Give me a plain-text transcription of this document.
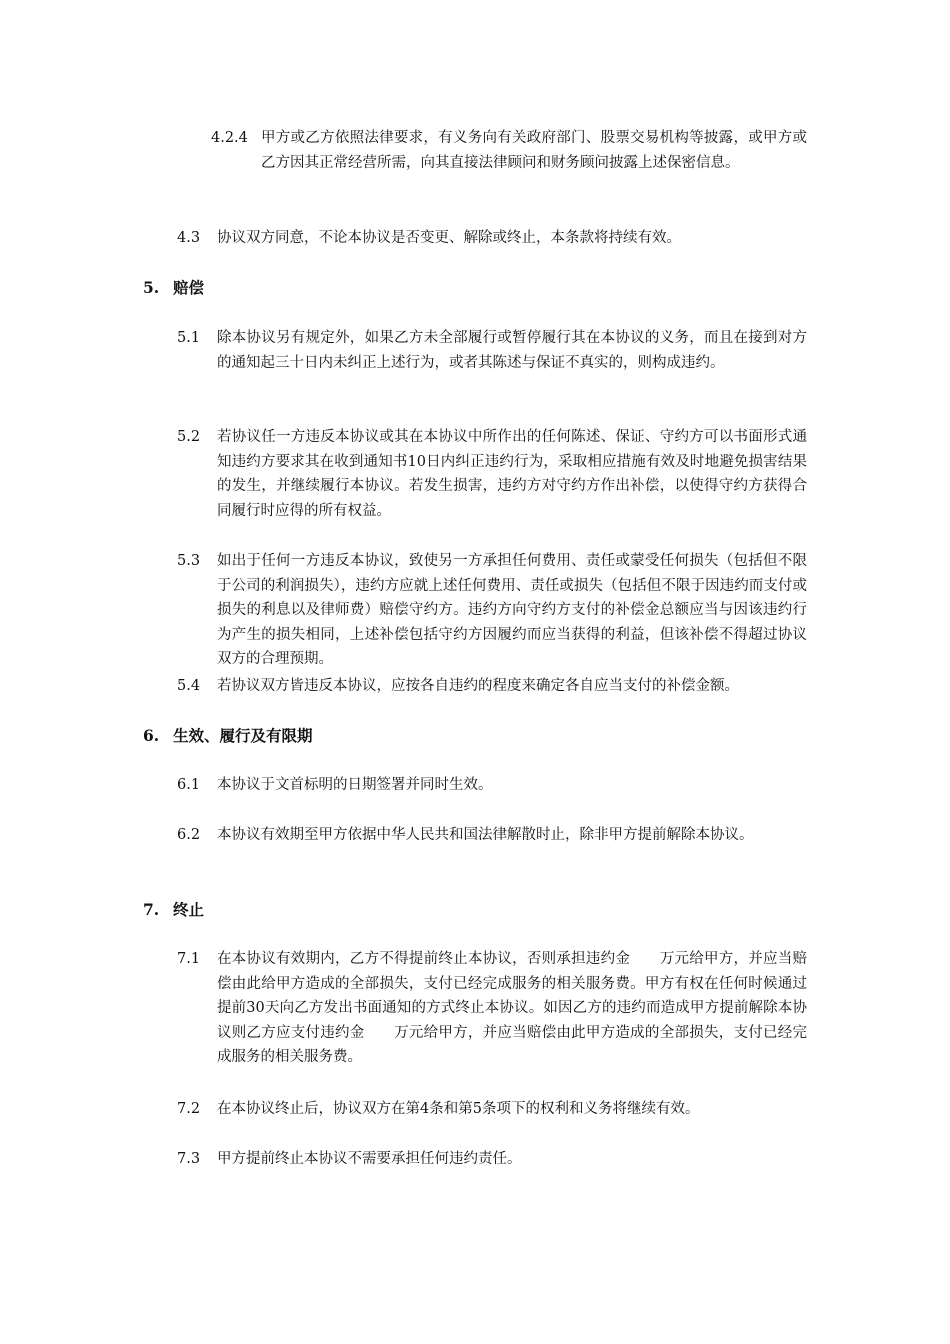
4.2.4 甲方或乙方依照法律要求，有义务向有关政府部门、股票交易机构等披露，或甲方或乙方因其正常经营所需，向其直接法律顾问和财务顾问披露上述保密信息。
4.3 协议双方同意，不论本协议是否变更、解除或终止，本条款将持续有效。
5. 赔偿
5.1 除本协议另有规定外，如果乙方未全部履行或暂停履行其在本协议的义务，而且在接到对方的通知起三十日内未纠正上述行为，或者其陈述与保证不真实的，则构成违约。
5.2 若协议任一方违反本协议或其在本协议中所作出的任何陈述、保证、守约方可以书面形式通知违约方要求其在收到通知书10日内纠正违约行为，采取相应措施有效及时地避免损害结果的发生，并继续履行本协议。若发生损害，违约方对守约方作出补偿，以使得守约方获得合同履行时应得的所有权益。
5.3 如出于任何一方违反本协议，致使另一方承担任何费用、责任或蒙受任何损失（包括但不限于公司的利润损失），违约方应就上述任何费用、责任或损失（包括但不限于因违约而支付或损失的利息以及律师费）赔偿守约方。违约方向守约方支付的补偿金总额应当与因该违约行为产生的损失相同，上述补偿包括守约方因履约而应当获得的利益，但该补偿不得超过协议双方的合理预期。
5.4 若协议双方皆违反本协议，应按各自违约的程度来确定各自应当支付的补偿金额。
6. 生效、履行及有限期
6.1 本协议于文首标明的日期签署并同时生效。
6.2 本协议有效期至甲方依据中华人民共和国法律解散时止，除非甲方提前解除本协议。
7. 终止
7.1 在本协议有效期内，乙方不得提前终止本协议，否则承担违约金　　万元给甲方，并应当赔偿由此给甲方造成的全部损失，支付已经完成服务的相关服务费。甲方有权在任何时候通过提前30天向乙方发出书面通知的方式终止本协议。如因乙方的违约而造成甲方提前解除本协议则乙方应支付违约金　　万元给甲方，并应当赔偿由此甲方造成的全部损失，支付已经完成服务的相关服务费。
7.2 在本协议终止后，协议双方在第4条和第5条项下的权利和义务将继续有效。
7.3 甲方提前终止本协议不需要承担任何违约责任。
